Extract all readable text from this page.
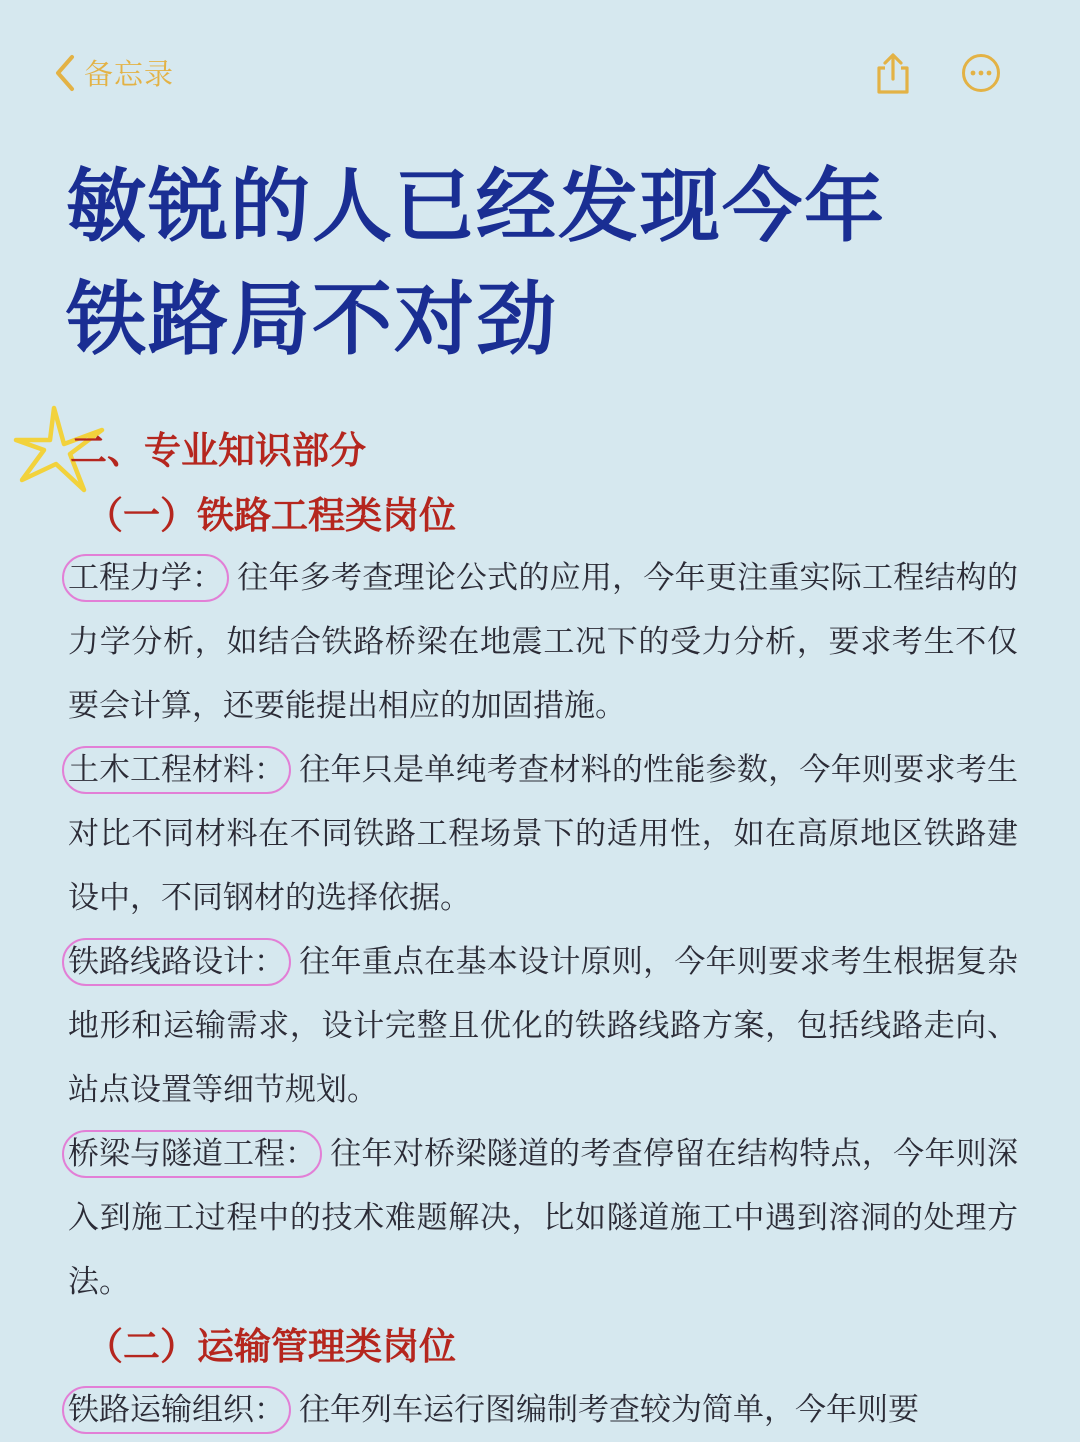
备忘录
敏锐的人已经发现今年
铁路局不对劲
二、专业知识部分
（一）铁路工程类岗位
工程力学： 往年多考查理论公式的应用，今年更注重实际工程结构的力学分析，如结合铁路桥梁在地震工况下的受力分析，要求考生不仅要会计算，还要能提出相应的加固措施。
土木工程材料： 往年只是单纯考查材料的性能参数，今年则要求考生对比不同材料在不同铁路工程场景下的适用性，如在高原地区铁路建设中，不同钢材的选择依据。
铁路线路设计： 往年重点在基本设计原则，今年则要求考生根据复杂地形和运输需求，设计完整且优化的铁路线路方案，包括线路走向、站点设置等细节规划。
桥梁与隧道工程： 往年对桥梁隧道的考查停留在结构特点，今年则深入到施工过程中的技术难题解决，比如隧道施工中遇到溶洞的处理方法。
（二）运输管理类岗位
铁路运输组织： 往年列车运行图编制考查较为简单，今年则要
